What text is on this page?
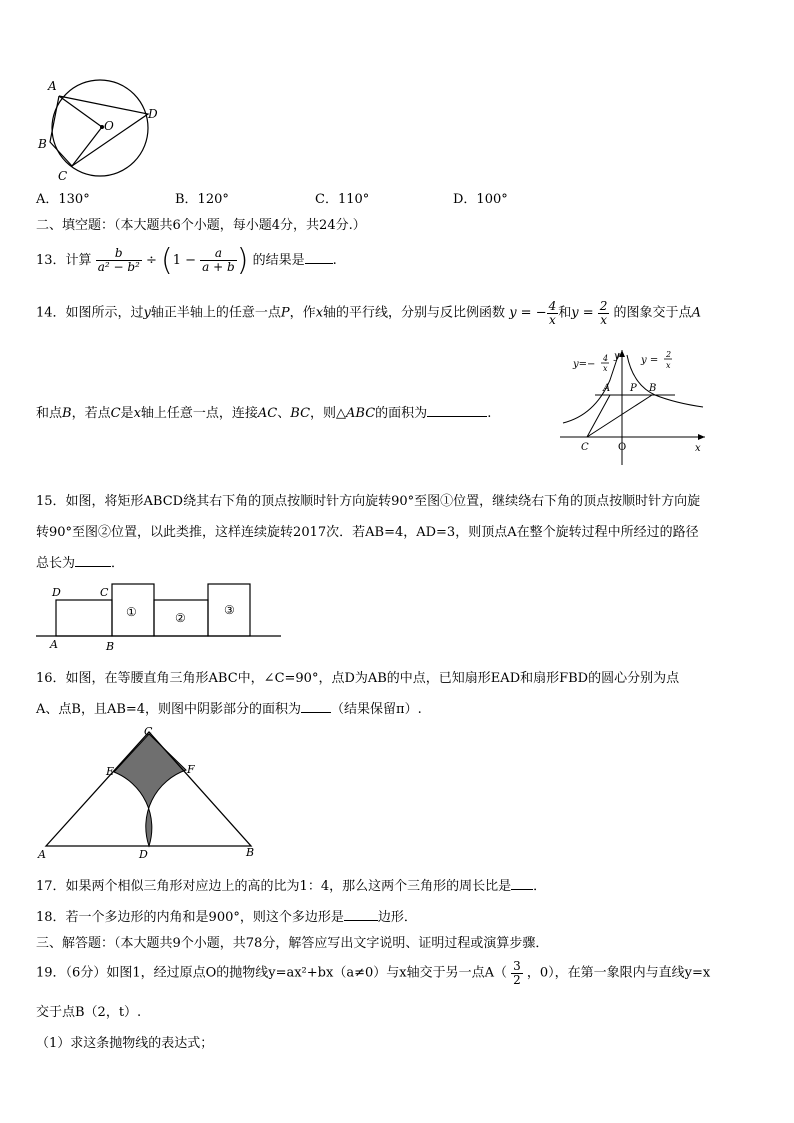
A
B
C
D
O
A．130°	B．120°	C．110°	D．100°
二、填空题：（本大题共6个小题，每小题4分，共24分.）
13．计算 $\frac{b}{\text{a² − b²}} \div (1 - \frac{a}{a + b}$ ) 的结果是 .
14．如图所示，过y轴正半轴上的任意一点P，作x轴的平行线，分别与反比例函数 y = − $\frac{4}{x}$ 和$y = \frac{2}{x}$ 的图象交于点A
y=−
4
x
y y =
2
x
A P B
C	O	x
和点B，若点C是x轴上任意一点，连接AC、BC，则△ABC的面积为	.
15．如图，将矩形ABCD绕其右下角的顶点按顺时针方向旋转90°至图①位置，继续绕右下角的顶点按顺时针方向旋
转90°至图②位置，以此类推，这样连续旋转2017次．若AB=4，AD=3，则顶点A在整个旋转过程中所经过的路径
总长为	．
D	C
A	B
①	②
③
16．如图，在等腰直角三角形ABC中，∠C=90°，点D为AB的中点，已知扇形EAD和扇形FBD的圆心分别为点
A、点B，且AB=4，则图中阴影部分的面积为 （结果保留π）.
C
E	F
A	D	B
17．如果两个相似三角形对应边上的高的比为1：4，那么这两个三角形的周长比是 ．
18．若一个多边形的内角和是900°，则这个多边形是	边形．
三、解答题：（本大题共9个小题，共78分，解答应写出文字说明、证明过程或演算步骤．
19．（6分）如图1，经过原点O的抛物线y=ax²+bx（a≠0）与x轴交于另一点$A( \frac{3}{2}$ ，0），在第一象限内与直线y=x
交于点B（2，t）.
（1）求这条抛物线的表达式；
